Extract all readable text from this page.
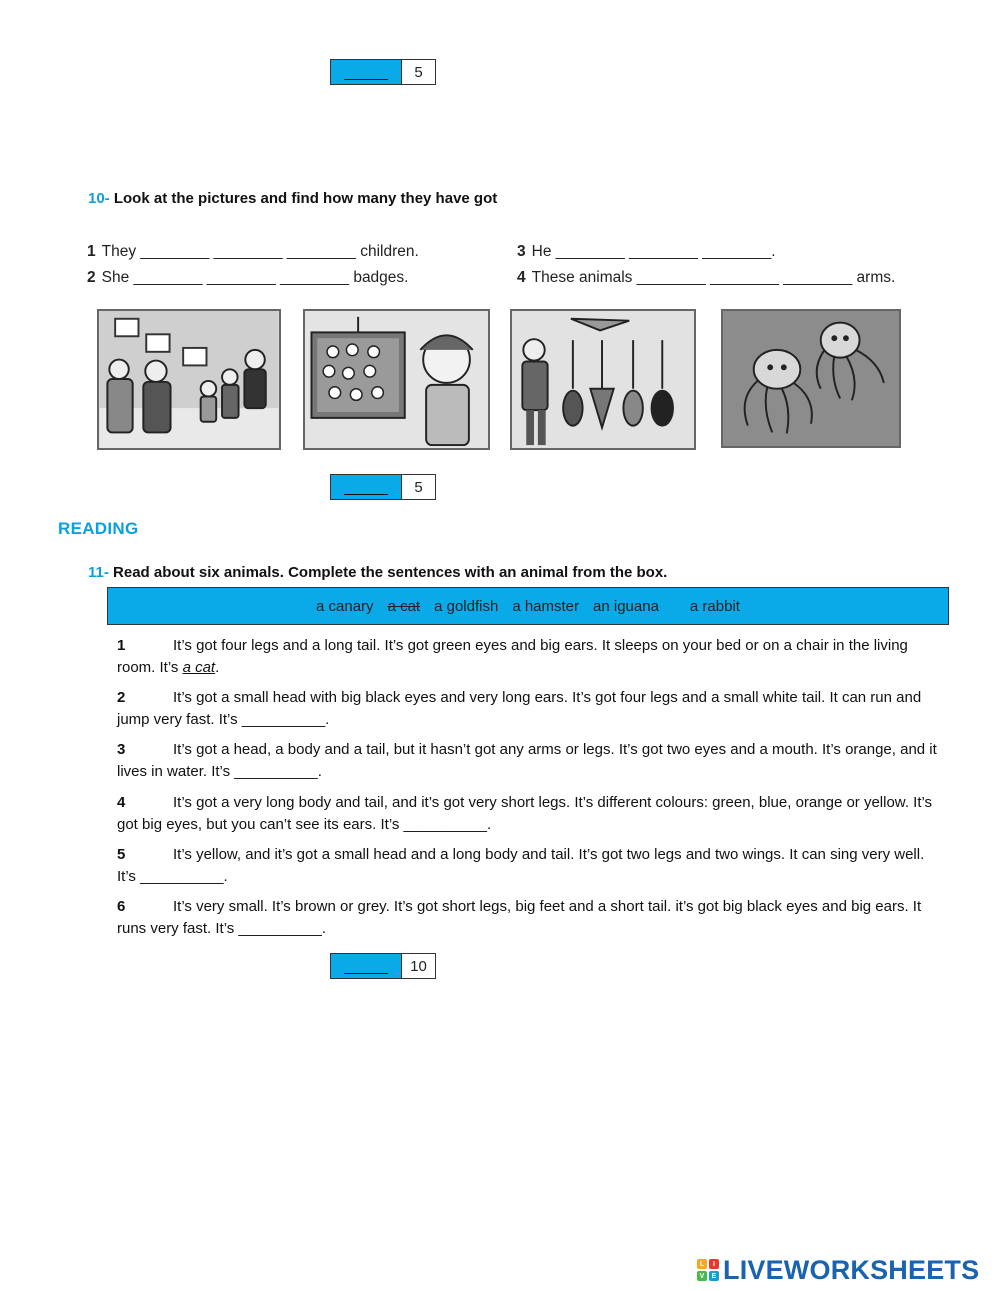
5
10- Look at the pictures and find how many they have got
1 They ________ ________ ________ children.
2 She ________ ________ ________ badges.
3 He ________ ________ ________.
4 These animals ________ ________ ________ arms.
5
READING
11- Read about six animals. Complete the sentences with an animal from the box.
a canary a cat a goldfish a hamster an iguana a rabbit
1	It’s got four legs and a long tail. It’s got green eyes and big ears. It sleeps on your bed or on a chair in the living room. It’s a cat.
2	It’s got a small head with big black eyes and very long ears. It’s got four legs and a small white tail. It can run and jump very fast. It’s __________.
3	It’s got a head, a body and a tail, but it hasn’t got any arms or legs. It’s got two eyes and a mouth. It’s orange, and it lives in water. It’s __________.
4	It’s got a very long body and tail, and it’s got very short legs. It’s different colours: green, blue, orange or yellow. It’s got big eyes, but you can’t see its ears. It’s __________.
5	It’s yellow, and it’s got a small head and a long body and tail. It’s got two legs and two wings. It can sing very well. It’s __________.
6	It’s very small. It’s brown or grey. It’s got short legs, big feet and a short tail. it’s got big black eyes and big ears. It runs very fast. It’s __________.
10
L	I
V	E LIVEWORKSHEETS
